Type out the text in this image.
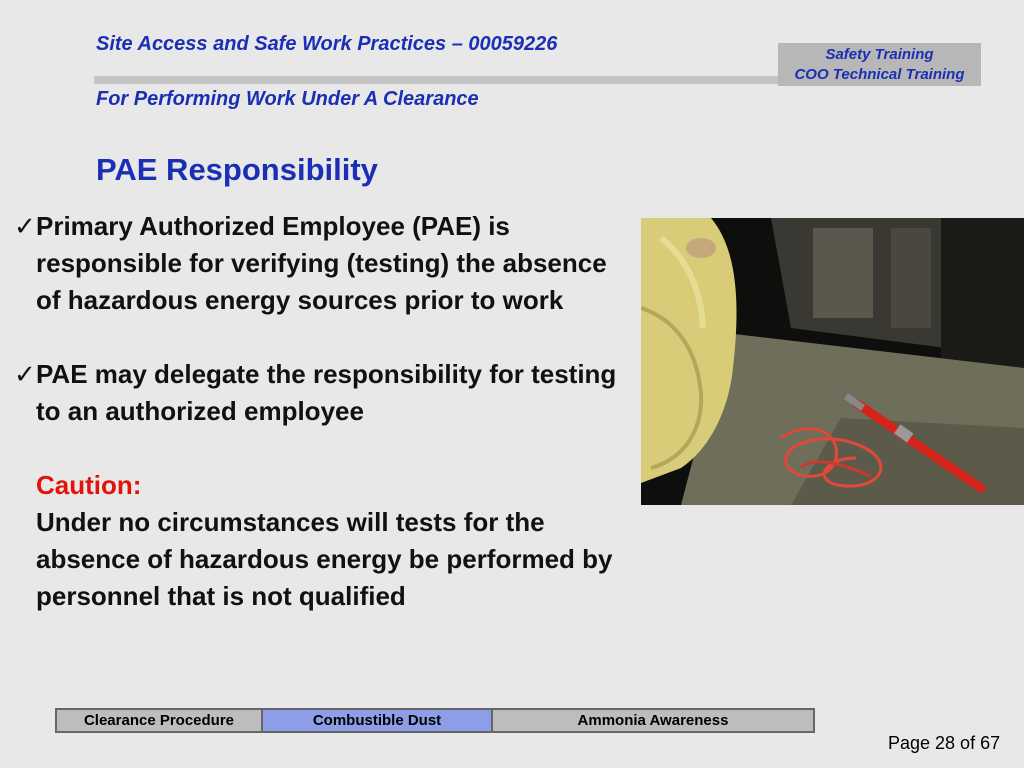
Site Access and Safe Work Practices – 00059226
For Performing Work Under A Clearance
Safety Training
COO Technical Training
PAE Responsibility
✓ Primary Authorized Employee (PAE) is responsible for verifying (testing) the absence of hazardous energy sources prior to work
✓ PAE may delegate the responsibility for testing to an authorized employee
Caution:
Under no circumstances will tests for the absence of hazardous energy be performed by personnel that is not qualified
Clearance Procedure	Combustible Dust	Ammonia Awareness
Page 28 of 67
